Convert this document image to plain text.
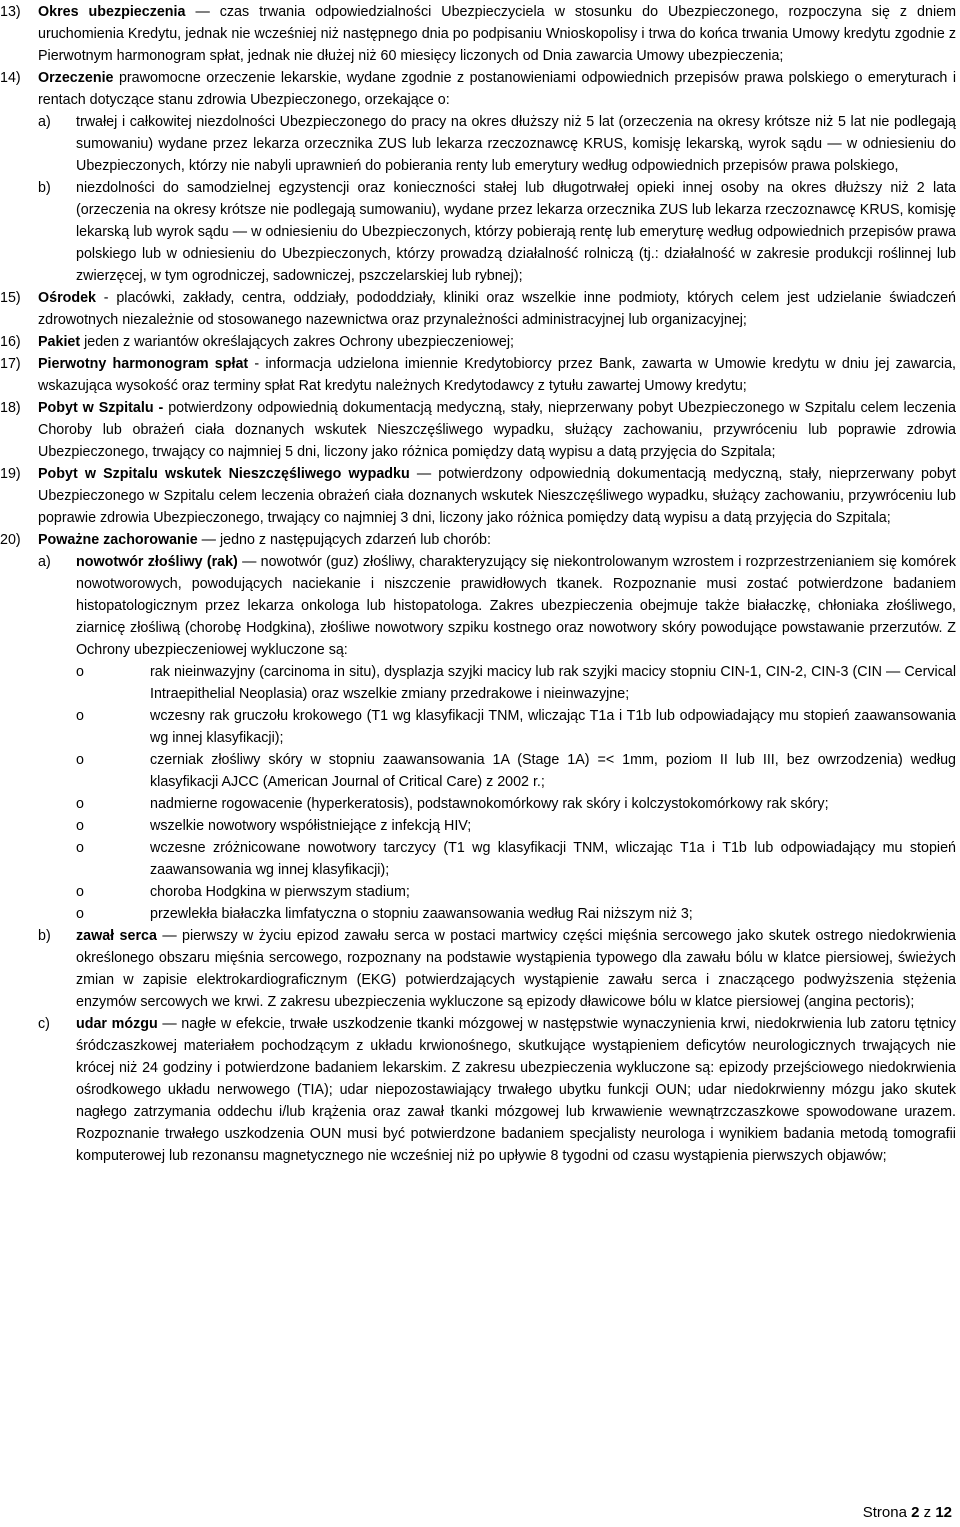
13)	Okres ubezpieczenia — czas trwania odpowiedzialności Ubezpieczyciela w stosunku do Ubezpieczonego, rozpoczyna się z dniem uruchomienia Kredytu, jednak nie wcześniej niż następnego dnia po podpisaniu Wnioskopolisy i trwa do końca trwania Umowy kredytu zgodnie z Pierwotnym harmonogram spłat, jednak nie dłużej niż 60 miesięcy liczonych od Dnia zawarcia Umowy ubezpieczenia;
14)	Orzeczenie prawomocne orzeczenie lekarskie, wydane zgodnie z postanowieniami odpowiednich przepisów prawa polskiego o emeryturach i rentach dotyczące stanu zdrowia Ubezpieczonego, orzekające o:
a)	trwałej i całkowitej niezdolności Ubezpieczonego do pracy na okres dłuższy niż 5 lat (orzeczenia na okresy krótsze niż 5 lat nie podlegają sumowaniu) wydane przez lekarza orzecznika ZUS lub lekarza rzeczoznawcę KRUS, komisję lekarską, wyrok sądu — w odniesieniu do Ubezpieczonych, którzy nie nabyli uprawnień do pobierania renty lub emerytury według odpowiednich przepisów prawa polskiego,
b)	niezdolności do samodzielnej egzystencji oraz konieczności stałej lub długotrwałej opieki innej osoby na okres dłuższy niż 2 lata (orzeczenia na okresy krótsze nie podlegają sumowaniu), wydane przez lekarza orzecznika ZUS lub lekarza rzeczoznawcę KRUS, komisję lekarską lub wyrok sądu — w odniesieniu do Ubezpieczonych, którzy pobierają rentę lub emeryturę według odpowiednich przepisów prawa polskiego lub w odniesieniu do Ubezpieczonych, którzy prowadzą działalność rolniczą (tj.: działalność w zakresie produkcji roślinnej lub zwierzęcej, w tym ogrodniczej, sadowniczej, pszczelarskiej lub rybnej);
15)	Ośrodek - placówki, zakłady, centra, oddziały, pododdziały, kliniki oraz wszelkie inne podmioty, których celem jest udzielanie świadczeń zdrowotnych niezależnie od stosowanego nazewnictwa oraz przynależności administracyjnej lub organizacyjnej;
16)	Pakiet jeden z wariantów określających zakres Ochrony ubezpieczeniowej;
17)	Pierwotny harmonogram spłat - informacja udzielona imiennie Kredytobiorcy przez Bank, zawarta w Umowie kredytu w dniu jej zawarcia, wskazująca wysokość oraz terminy spłat Rat kredytu należnych Kredytodawcy z tytułu zawartej Umowy kredytu;
18)	Pobyt w Szpitalu - potwierdzony odpowiednią dokumentacją medyczną, stały, nieprzerwany pobyt Ubezpieczonego w Szpitalu celem leczenia Choroby lub obrażeń ciała doznanych wskutek Nieszczęśliwego wypadku, służący zachowaniu, przywróceniu lub poprawie zdrowia Ubezpieczonego, trwający co najmniej 5 dni, liczony jako różnica pomiędzy datą wypisu a datą przyjęcia do Szpitala;
19)	Pobyt w Szpitalu wskutek Nieszczęśliwego wypadku — potwierdzony odpowiednią dokumentacją medyczną, stały, nieprzerwany pobyt Ubezpieczonego w Szpitalu celem leczenia obrażeń ciała doznanych wskutek Nieszczęśliwego wypadku, służący zachowaniu, przywróceniu lub poprawie zdrowia Ubezpieczonego, trwający co najmniej 3 dni, liczony jako różnica pomiędzy datą wypisu a datą przyjęcia do Szpitala;
20)	Poważne zachorowanie — jedno z następujących zdarzeń lub chorób:
a)	nowotwór złośliwy (rak) — nowotwór (guz) złośliwy, charakteryzujący się niekontrolowanym wzrostem i rozprzestrzenianiem się komórek nowotworowych, powodujących naciekanie i niszczenie prawidłowych tkanek. Rozpoznanie musi zostać potwierdzone badaniem histopatologicznym przez lekarza onkologa lub histopatologa. Zakres ubezpieczenia obejmuje także białaczkę, chłoniaka złośliwego, ziarnicę złośliwą (chorobę Hodgkina), złośliwe nowotwory szpiku kostnego oraz nowotwory skóry powodujące powstawanie przerzutów. Z Ochrony ubezpieczeniowej wykluczone są:
o	rak nieinwazyjny (carcinoma in situ), dysplazja szyjki macicy lub rak szyjki macicy stopniu CIN-1, CIN-2, CIN-3 (CIN — Cervical Intraepithelial Neoplasia) oraz wszelkie zmiany przedrakowe i nieinwazyjne;
o	wczesny rak gruczołu krokowego (T1 wg klasyfikacji TNM, wliczając T1a i T1b lub odpowiadający mu stopień zaawansowania wg innej klasyfikacji);
o	czerniak złośliwy skóry w stopniu zaawansowania 1A (Stage 1A) =< 1mm, poziom II lub III, bez owrzodzenia) według klasyfikacji AJCC (American Journal of Critical Care) z 2002 r.;
o	nadmierne rogowacenie (hyperkeratosis), podstawnokomórkowy rak skóry i kolczystokomórkowy rak skóry;
o	wszelkie nowotwory współistniejące z infekcją HIV;
o	wczesne zróżnicowane nowotwory tarczycy (T1 wg klasyfikacji TNM, wliczając T1a i T1b lub odpowiadający mu stopień zaawansowania wg innej klasyfikacji);
o	choroba Hodgkina w pierwszym stadium;
o	przewlekła białaczka limfatyczna o stopniu zaawansowania według Rai niższym niż 3;
b)	zawał serca — pierwszy w życiu epizod zawału serca w postaci martwicy części mięśnia sercowego jako skutek ostrego niedokrwienia określonego obszaru mięśnia sercowego, rozpoznany na podstawie wystąpienia typowego dla zawału bólu w klatce piersiowej, świeżych zmian w zapisie elektrokardiograficznym (EKG) potwierdzających wystąpienie zawału serca i znaczącego podwyższenia stężenia enzymów sercowych we krwi. Z zakresu ubezpieczenia wykluczone są epizody dławicowe bólu w klatce piersiowej (angina pectoris);
c)	udar mózgu — nagłe w efekcie, trwałe uszkodzenie tkanki mózgowej w następstwie wynaczynienia krwi, niedokrwienia lub zatoru tętnicy śródczaszkowej materiałem pochodzącym z układu krwionośnego, skutkujące wystąpieniem deficytów neurologicznych trwających nie krócej niż 24 godziny i potwierdzone badaniem lekarskim. Z zakresu ubezpieczenia wykluczone są: epizody przejściowego niedokrwienia ośrodkowego układu nerwowego (TIA); udar niepozostawiający trwałego ubytku funkcji OUN; udar niedokrwienny mózgu jako skutek nagłego zatrzymania oddechu i/lub krążenia oraz zawał tkanki mózgowej lub krwawienie wewnątrzczaszkowe spowodowane urazem. Rozpoznanie trwałego uszkodzenia OUN musi być potwierdzone badaniem specjalisty neurologa i wynikiem badania metodą tomografii komputerowej lub rezonansu magnetycznego nie wcześniej niż po upływie 8 tygodni od czasu wystąpienia pierwszych objawów;
Strona 2 z 12
